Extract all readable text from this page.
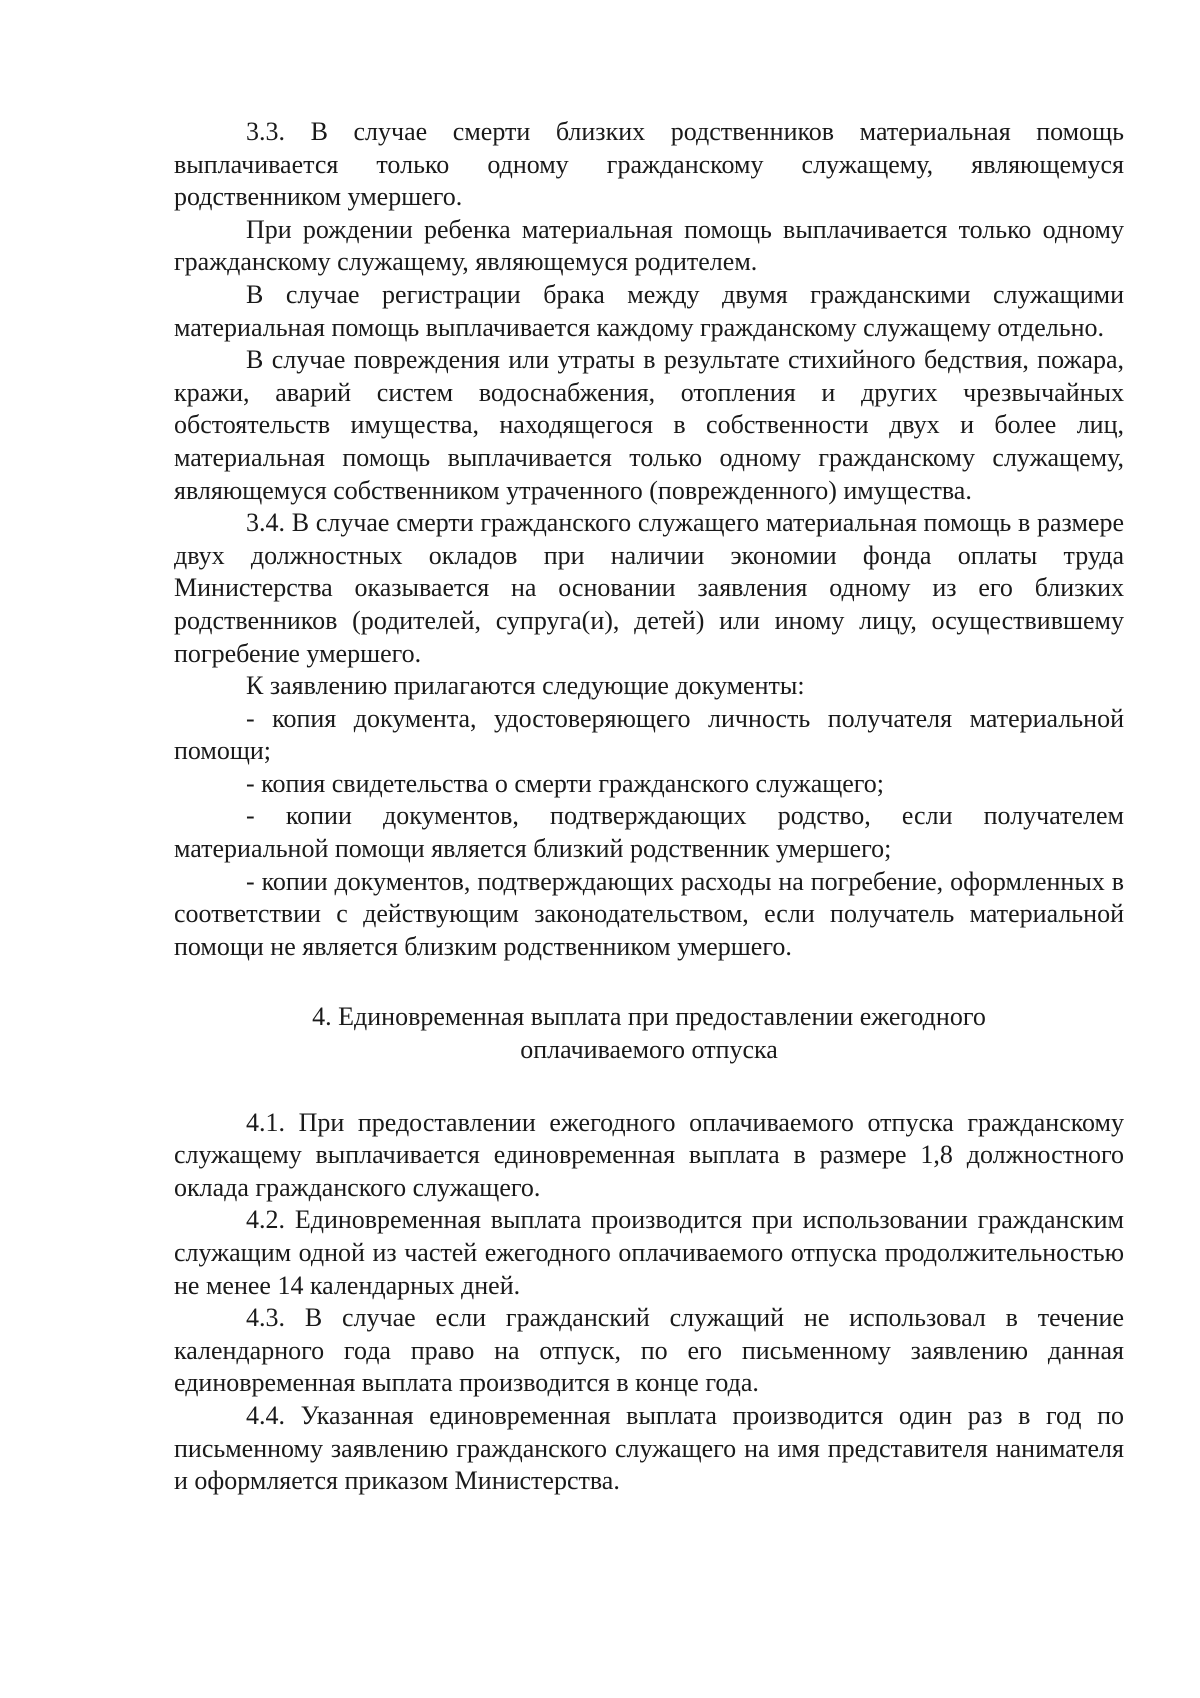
3.3. В случае смерти близких родственников материальная помощь выплачивается только одному гражданскому служащему, являющемуся родственником умершего.

При рождении ребенка материальная помощь выплачивается только одному гражданскому служащему, являющемуся родителем.

В случае регистрации брака между двумя гражданскими служащими материальная помощь выплачивается каждому гражданскому служащему отдельно.

В случае повреждения или утраты в результате стихийного бедствия, пожара, кражи, аварий систем водоснабжения, отопления и других чрезвычайных обстоятельств имущества, находящегося в собственности двух и более лиц, материальная помощь выплачивается только одному гражданскому служащему, являющемуся собственником утраченного (поврежденного) имущества.

3.4. В случае смерти гражданского служащего материальная помощь в размере двух должностных окладов при наличии экономии фонда оплаты труда Министерства оказывается на основании заявления одному из его близких родственников (родителей, супруга(и), детей) или иному лицу, осуществившему погребение умершего.

К заявлению прилагаются следующие документы:

- копия документа, удостоверяющего личность получателя материальной помощи;

- копия свидетельства о смерти гражданского служащего;

- копии документов, подтверждающих родство, если получателем материальной помощи является близкий родственник умершего;

- копии документов, подтверждающих расходы на погребение, оформленных в соответствии с действующим законодательством, если получатель материальной помощи не является близким родственником умершего.

4. Единовременная выплата при предоставлении ежегодного

оплачиваемого отпуска

4.1. При предоставлении ежегодного оплачиваемого отпуска гражданскому служащему выплачивается единовременная выплата в размере 1,8 должностного оклада гражданского служащего.

4.2. Единовременная выплата производится при использовании гражданским служащим одной из частей ежегодного оплачиваемого отпуска продолжительностью не менее 14 календарных дней.

4.3. В случае если гражданский служащий не использовал в течение календарного года право на отпуск, по его письменному заявлению данная единовременная выплата производится в конце года.

4.4. Указанная единовременная выплата производится один раз в год по письменному заявлению гражданского служащего на имя представителя нанимателя и оформляется приказом Министерства.
